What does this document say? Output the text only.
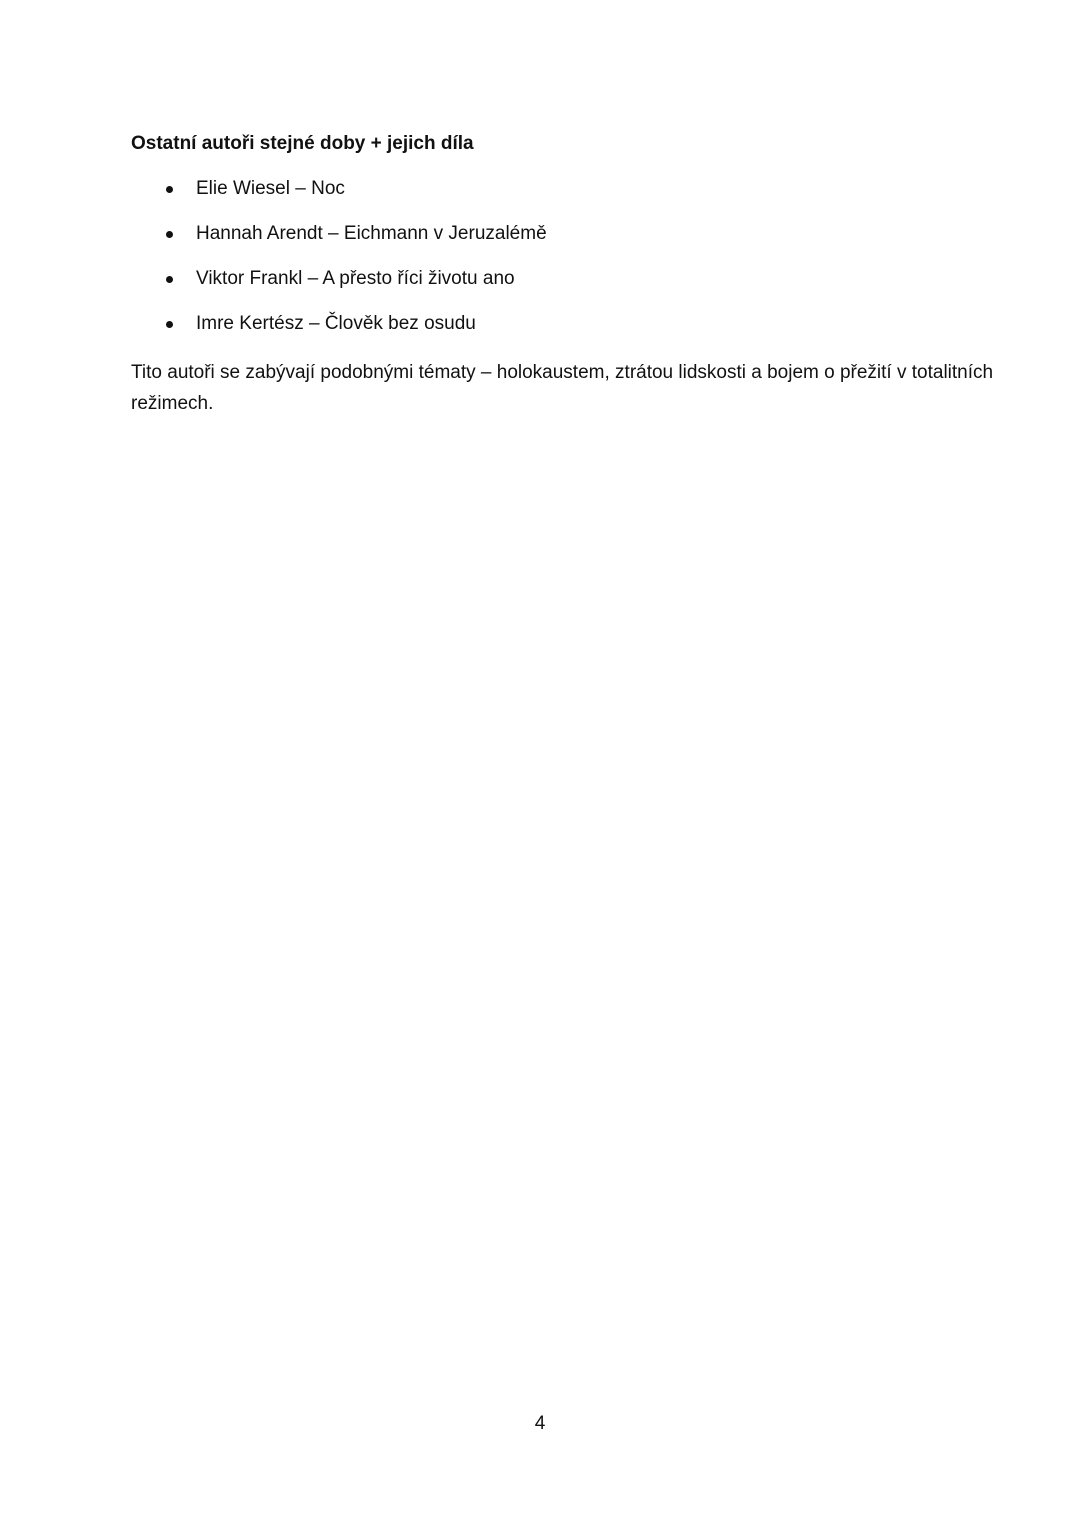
Ostatní autoři stejné doby + jejich díla
Elie Wiesel – Noc
Hannah Arendt – Eichmann v Jeruzalémě
Viktor Frankl – A přesto říci životu ano
Imre Kertész – Člověk bez osudu

Tito autoři se zabývají podobnými tématy – holokaustem, ztrátou lidskosti a bojem o přežití v totalitních režimech.

4
